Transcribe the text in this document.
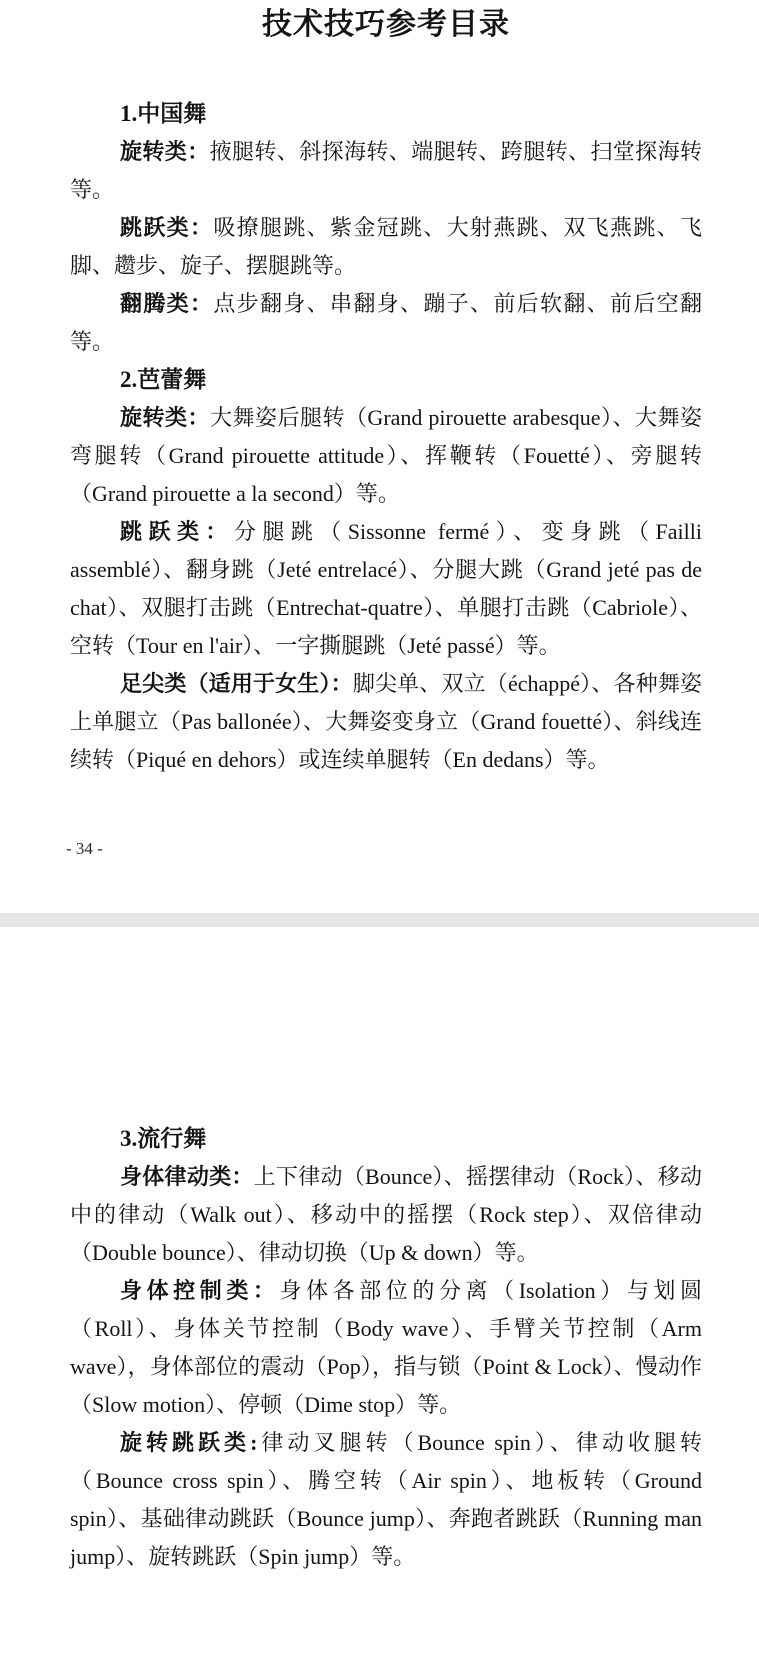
技术技巧参考目录
1.中国舞

旋转类：掖腿转、斜探海转、端腿转、跨腿转、扫堂探海转等。

跳跃类：吸撩腿跳、紫金冠跳、大射燕跳、双飞燕跳、飞脚、趱步、旋子、摆腿跳等。

翻腾类：点步翻身、串翻身、蹦子、前后软翻、前后空翻等。

2.芭蕾舞

旋转类：大舞姿后腿转（Grand pirouette arabesque）、大舞姿弯腿转（Grand pirouette attitude）、挥鞭转（Fouetté）、旁腿转（Grand pirouette a la second）等。

跳跃类：分腿跳（Sissonne fermé）、变身跳（Failli assemblé）、翻身跳（Jeté entrelacé）、分腿大跳（Grand jeté pas de chat）、双腿打击跳（Entrechat-quatre）、单腿打击跳（Cabriole）、空转（Tour en l'air）、一字撕腿跳（Jeté passé）等。

足尖类（适用于女生）：脚尖单、双立（échappé）、各种舞姿上单腿立（Pas ballonée）、大舞姿变身立（Grand fouetté）、斜线连续转（Piqué en dehors）或连续单腿转（En dedans）等。

- 34 -
3.流行舞

身体律动类：上下律动（Bounce）、摇摆律动（Rock）、移动中的律动（Walk out）、移动中的摇摆（Rock step）、双倍律动（Double bounce）、律动切换（Up & down）等。

身体控制类：身体各部位的分离（Isolation）与划圆（Roll）、身体关节控制（Body wave）、手臂关节控制（Arm wave），身体部位的震动（Pop），指与锁（Point & Lock）、慢动作（Slow motion）、停顿（Dime stop）等。

旋转跳跃类:律动叉腿转（Bounce spin）、律动收腿转（Bounce cross spin）、腾空转（Air spin）、地板转（Ground spin）、基础律动跳跃（Bounce jump）、奔跑者跳跃（Running man jump）、旋转跳跃（Spin jump）等。
